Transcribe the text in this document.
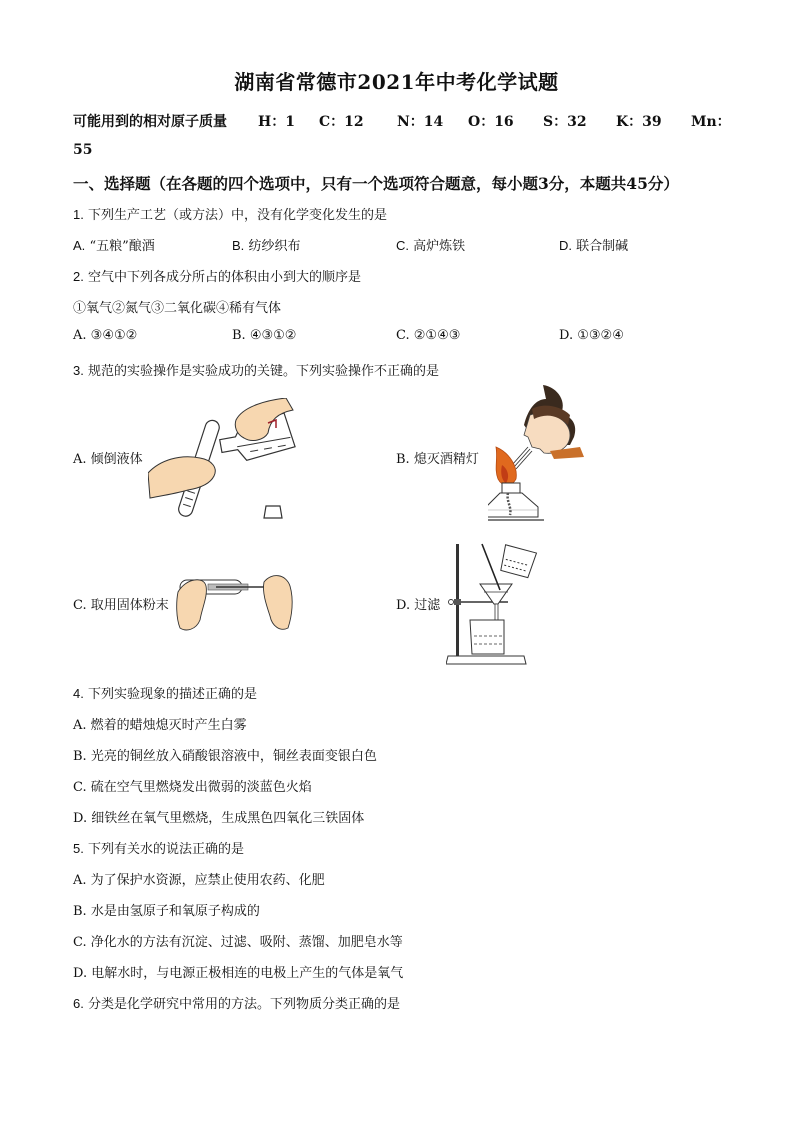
湖南省常德市2021年中考化学试题
可能用到的相对原子质量 H：1 C：12 N：14 O：16 S：32 K：39 Mn：
55
一、选择题（在各题的四个选项中，只有一个选项符合题意，每小题3分，本题共45分）
1. 下列生产工艺（或方法）中，没有化学变化发生的是
A. “五粮”酿酒	B. 纺纱织布	C. 高炉炼铁	D. 联合制碱
2. 空气中下列各成分所占的体积由小到大的顺序是
①氧气②氮气③二氧化碳④稀有气体
A. ③④①②	B. ④③①②	C. ②①④③	D. ①③②④
3. 规范的实验操作是实验成功的关键。下列实验操作不正确的是
A. 倾倒液体	B. 熄灭酒精灯
C. 取用固体粉末	D. 过滤
4. 下列实验现象的描述正确的是
A. 燃着的蜡烛熄灭时产生白雾
B. 光亮的铜丝放入硝酸银溶液中，铜丝表面变银白色
C. 硫在空气里燃烧发出微弱的淡蓝色火焰
D. 细铁丝在氧气里燃烧，生成黑色四氧化三铁固体
5. 下列有关水的说法正确的是
A. 为了保护水资源，应禁止使用农药、化肥
B. 水是由氢原子和氧原子构成的
C. 净化水的方法有沉淀、过滤、吸附、蒸馏、加肥皂水等
D. 电解水时，与电源正极相连的电极上产生的气体是氧气
6. 分类是化学研究中常用的方法。下列物质分类正确的是
